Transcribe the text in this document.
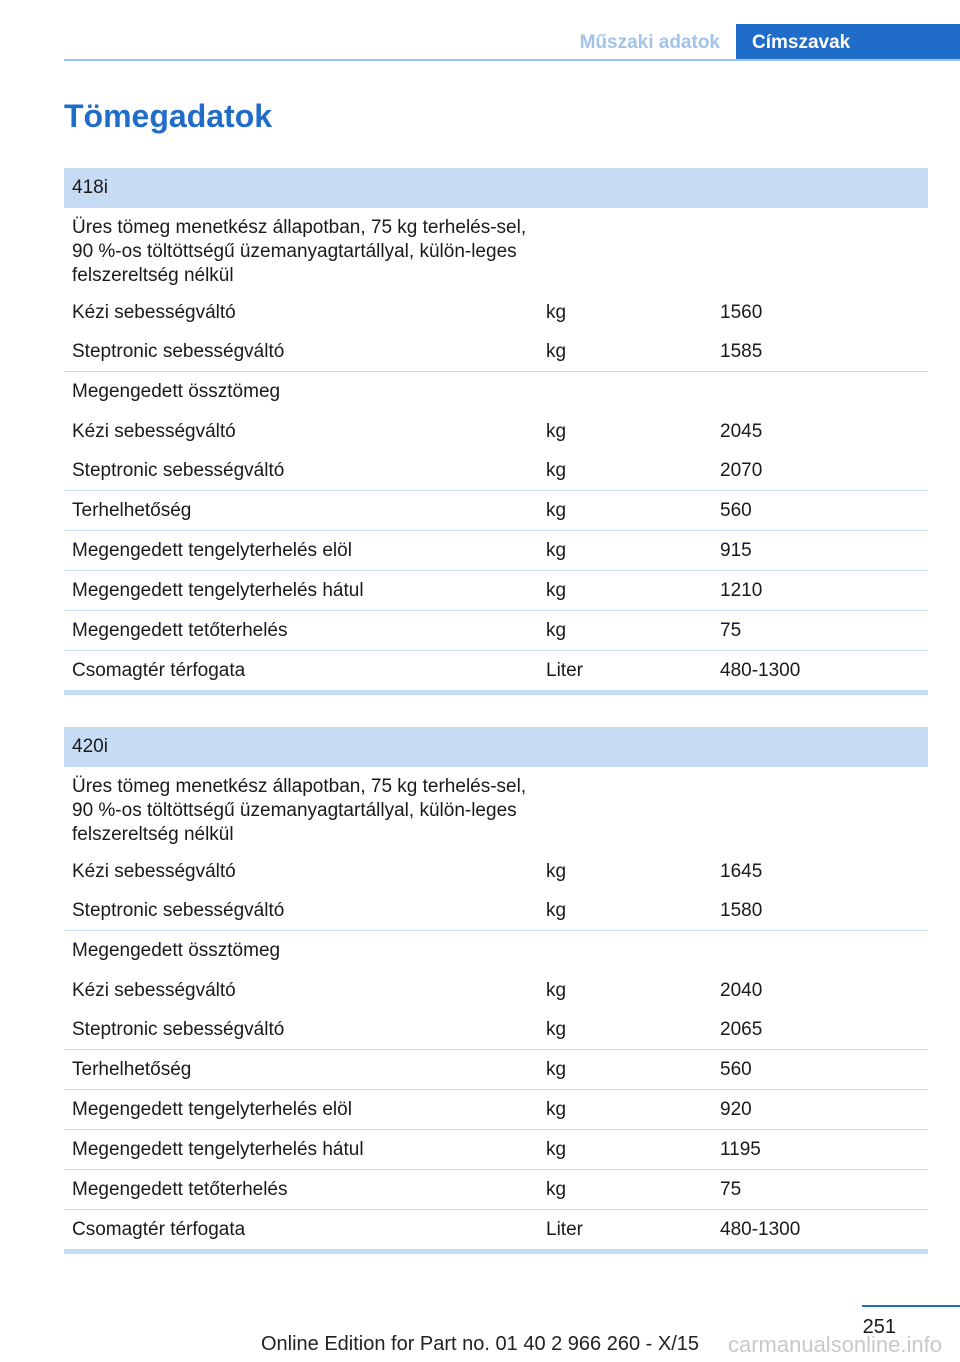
Műszaki adatok	Címszavak
Tömegadatok
418i
Üres tömeg menetkész állapotban, 75 kg terhelés-sel, 90 %-os töltöttségű üzemanyagtartállyal, külön-leges felszereltség nélkül
Kézi sebességváltó	kg	1560
Steptronic sebességváltó	kg	1585
Megengedett össztömeg
Kézi sebességváltó	kg	2045
Steptronic sebességváltó	kg	2070
Terhelhetőség	kg	560
Megengedett tengelyterhelés elöl	kg	915
Megengedett tengelyterhelés hátul	kg	1210
Megengedett tetőterhelés	kg	75
Csomagtér térfogata	Liter	480-1300
420i
Üres tömeg menetkész állapotban, 75 kg terhelés-sel, 90 %-os töltöttségű üzemanyagtartállyal, külön-leges felszereltség nélkül
Kézi sebességváltó	kg	1645
Steptronic sebességváltó	kg	1580
Megengedett össztömeg
Kézi sebességváltó	kg	2040
Steptronic sebességváltó	kg	2065
Terhelhetőség	kg	560
Megengedett tengelyterhelés elöl	kg	920
Megengedett tengelyterhelés hátul	kg	1195
Megengedett tetőterhelés	kg	75
Csomagtér térfogata	Liter	480-1300
251
Online Edition for Part no. 01 40 2 966 260 - X/15	carmanualsonline.info
